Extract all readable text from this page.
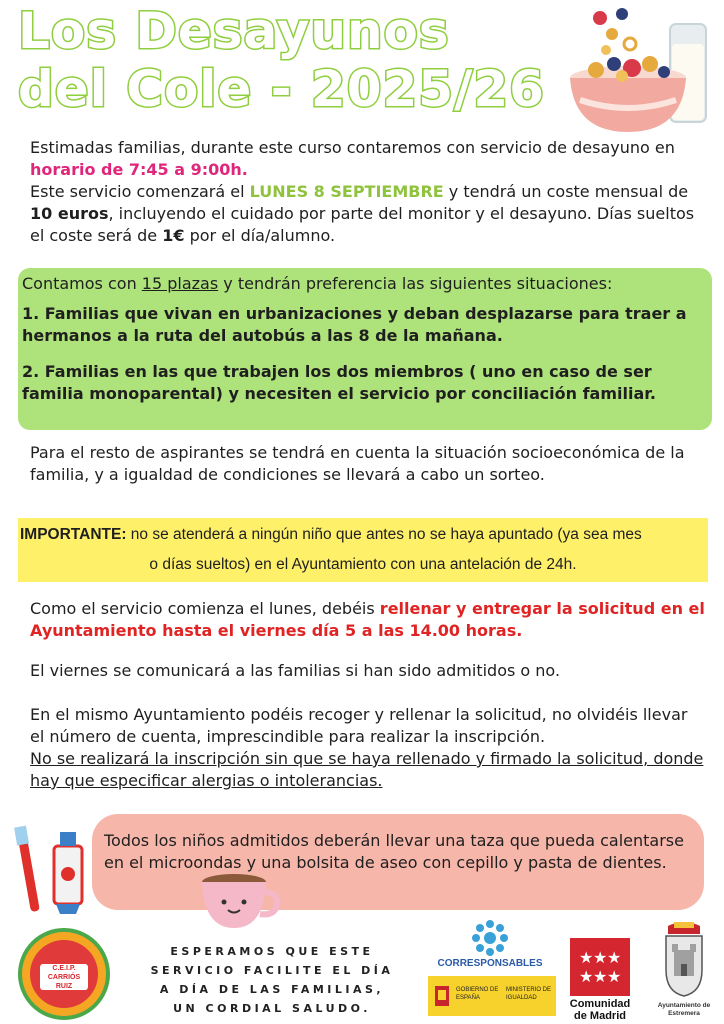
Los Desayunos
del Cole - 2025/26
Estimadas familias, durante este curso contaremos con servicio de desayuno en horario de 7:45 a 9:00h.
Este servicio comenzará el LUNES 8 SEPTIEMBRE y tendrá un coste mensual de 10 euros, incluyendo el cuidado por parte del monitor y el desayuno. Días sueltos el coste será de 1€ por el día/alumno.
Contamos con 15 plazas y tendrán preferencia las siguientes situaciones:
1. Familias que vivan en urbanizaciones y deban desplazarse para traer a hermanos a la ruta del autobús a las 8 de la mañana.
2. Familias en las que trabajen los dos miembros ( uno en caso de ser familia monoparental) y necesiten el servicio por conciliación familiar.
Para el resto de aspirantes se tendrá en cuenta la situación socioeconómica de la familia, y a igualdad de condiciones se llevará a cabo un sorteo.
IMPORTANTE: no se atenderá a ningún niño que antes no se haya apuntado (ya sea mes
o días sueltos) en el Ayuntamiento con una antelación de 24h.
Como el servicio comienza el lunes, debéis rellenar y entregar la solicitud en el Ayuntamiento hasta el viernes día 5 a las 14.00 horas.
El viernes se comunicará a las familias si han sido admitidos o no.
En el mismo Ayuntamiento podéis recoger y rellenar la solicitud, no olvidéis llevar el número de cuenta, imprescindible para realizar la inscripción.
No se realizará la inscripción sin que se haya rellenado y firmado la solicitud, donde hay que especificar alergias o intolerancias.
Todos los niños admitidos deberán llevar una taza que pueda calentarse en el microondas y una bolsita de aseo con cepillo y pasta de dientes.
C.E.I.P.
CARRIÓS RUIZ
ESPERAMOS QUE ESTE
SERVICIO FACILITE EL DÍA
A DÍA DE LAS FAMILIAS,
UN CORDIAL SALUDO.
CORRESPONSABLES
GOBIERNO DE ESPAÑA
MINISTERIO DE IGUALDAD
★ ★ ★
★ ★ ★
Comunidad
de Madrid
Ayuntamiento de
Estremera
